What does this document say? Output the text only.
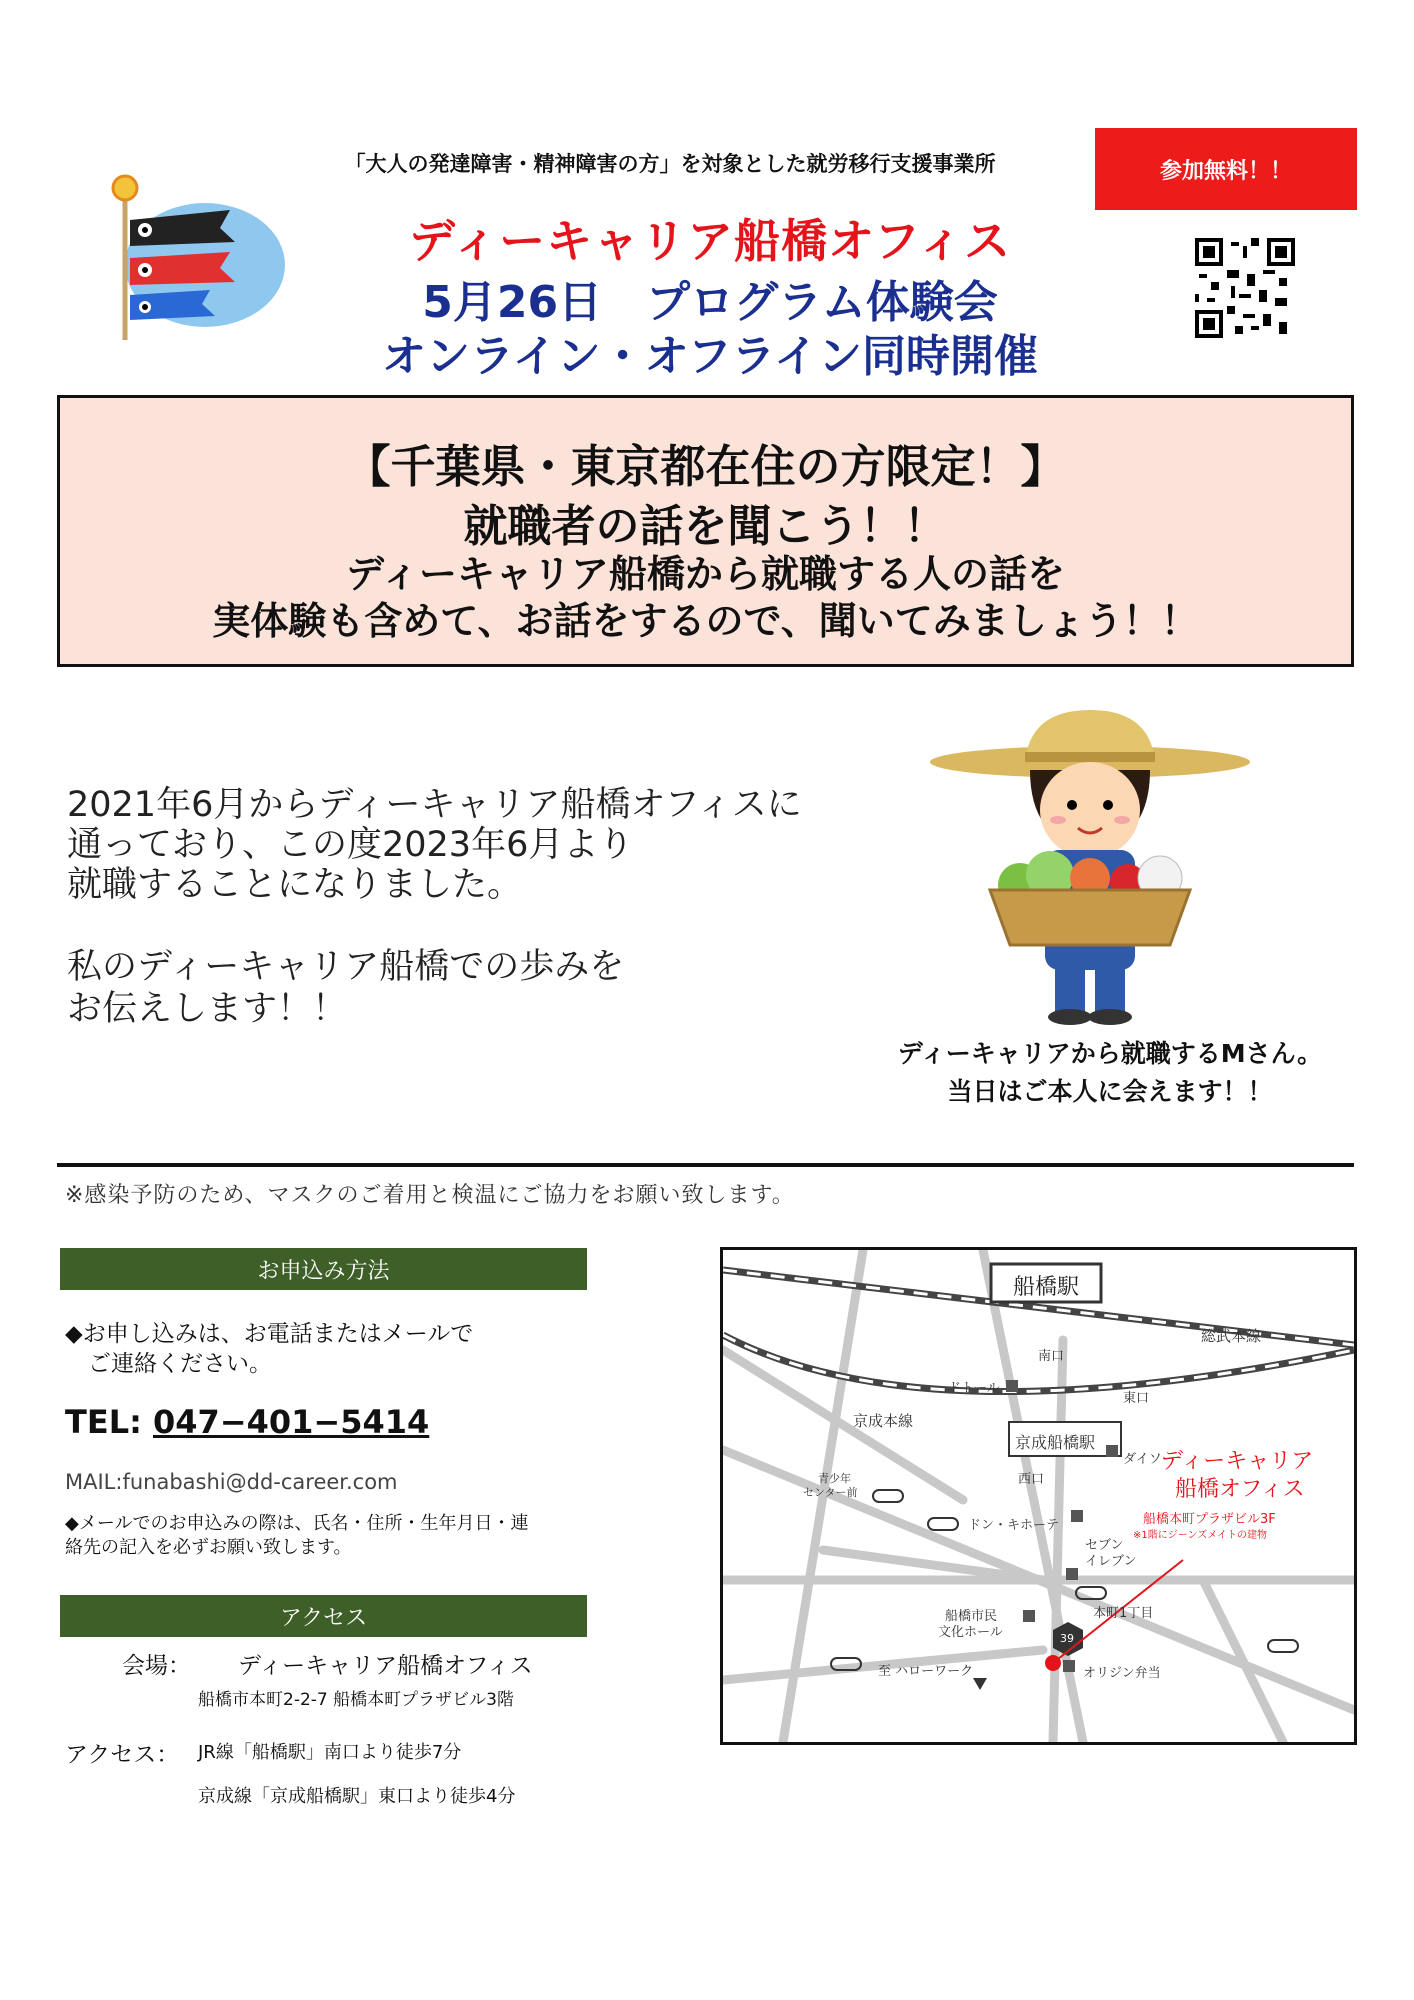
「大人の発達障害・精神障害の方」を対象とした就労移行支援事業所	参加無料！！
ディーキャリア船橋オフィス
5月26日　プログラム体験会
オンライン・オフライン同時開催
【千葉県・東京都在住の方限定！】
就職者の話を聞こう！！
ディーキャリア船橋から就職する人の話を
実体験も含めて、お話をするので、聞いてみましょう！！
2021年6月からディーキャリア船橋オフィスに
通っており、この度2023年6月より
就職することになりました。
私のディーキャリア船橋での歩みを
お伝えします！！
ディーキャリアから就職するMさん。
当日はご本人に会えます！！
※感染予防のため、マスクのご着用と検温にご協力をお願い致します。
お申込み方法
◆お申し込みは、お電話またはメールで
ご連絡ください。
TEL: 047−401−5414
MAIL:funabashi@dd-career.com
◆メールでのお申込みの際は、氏名・住所・生年月日・連
絡先の記入を必ずお願い致します。
アクセス
会場： ディーキャリア船橋オフィス
船橋市本町2-2-7 船橋本町プラザビル3階
アクセス： JR線「船橋駅」南口より徒歩7分
京成線「京成船橋駅」東口より徒歩4分
船橋駅
総武本線
南口
ドトール
東口
京成本線
京成船橋駅
西口
ダイソー
青少年
センター前
ドン・キホーテ
セブン
イレブン
本町1丁目
船橋市民
文化ホール	39
至 ハローワーク	オリジン弁当
ディーキャリア
船橋オフィス
船橋本町プラザビル3F
※1階にジーンズメイトの建物
